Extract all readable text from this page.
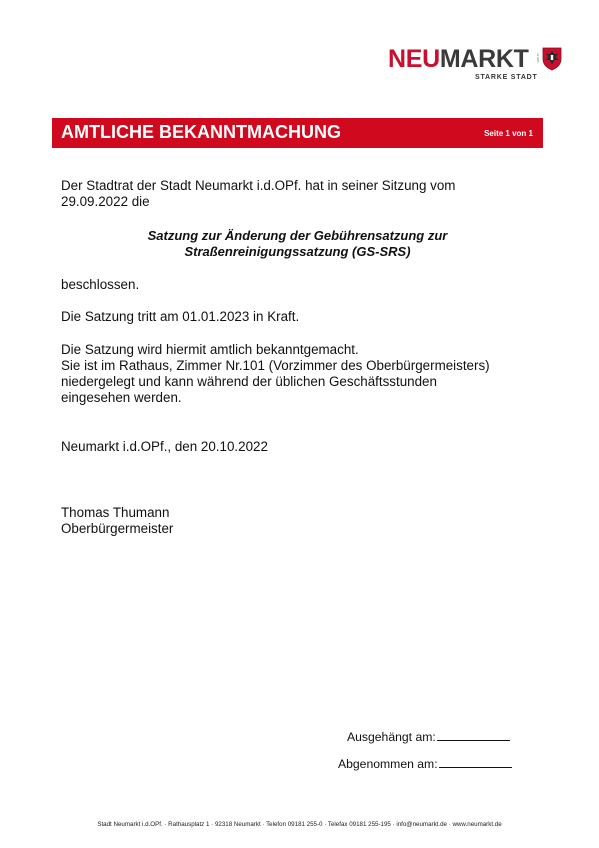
NEUMARKT i.d.OPf.
STARKE STADT
AMTLICHE BEKANNTMACHUNG	Seite 1 von 1
Der Stadtrat der Stadt Neumarkt i.d.OPf. hat in seiner Sitzung vom
29.09.2022 die
Satzung zur Änderung der Gebührensatzung zur
Straßenreinigungssatzung (GS-SRS)
beschlossen.
Die Satzung tritt am 01.01.2023 in Kraft.
Die Satzung wird hiermit amtlich bekanntgemacht.
Sie ist im Rathaus, Zimmer Nr.101 (Vorzimmer des Oberbürgermeisters)
niedergelegt und kann während der üblichen Geschäftsstunden
eingesehen werden.
Neumarkt i.d.OPf., den 20.10.2022
Thomas Thumann
Oberbürgermeister
Ausgehängt am:
Abgenommen am:
Stadt Neumarkt i.d.OPf. · Rathausplatz 1 · 92318 Neumarkt · Telefon 09181 255-0 · Telefax 09181 255-195 · info@neumarkt.de · www.neumarkt.de
